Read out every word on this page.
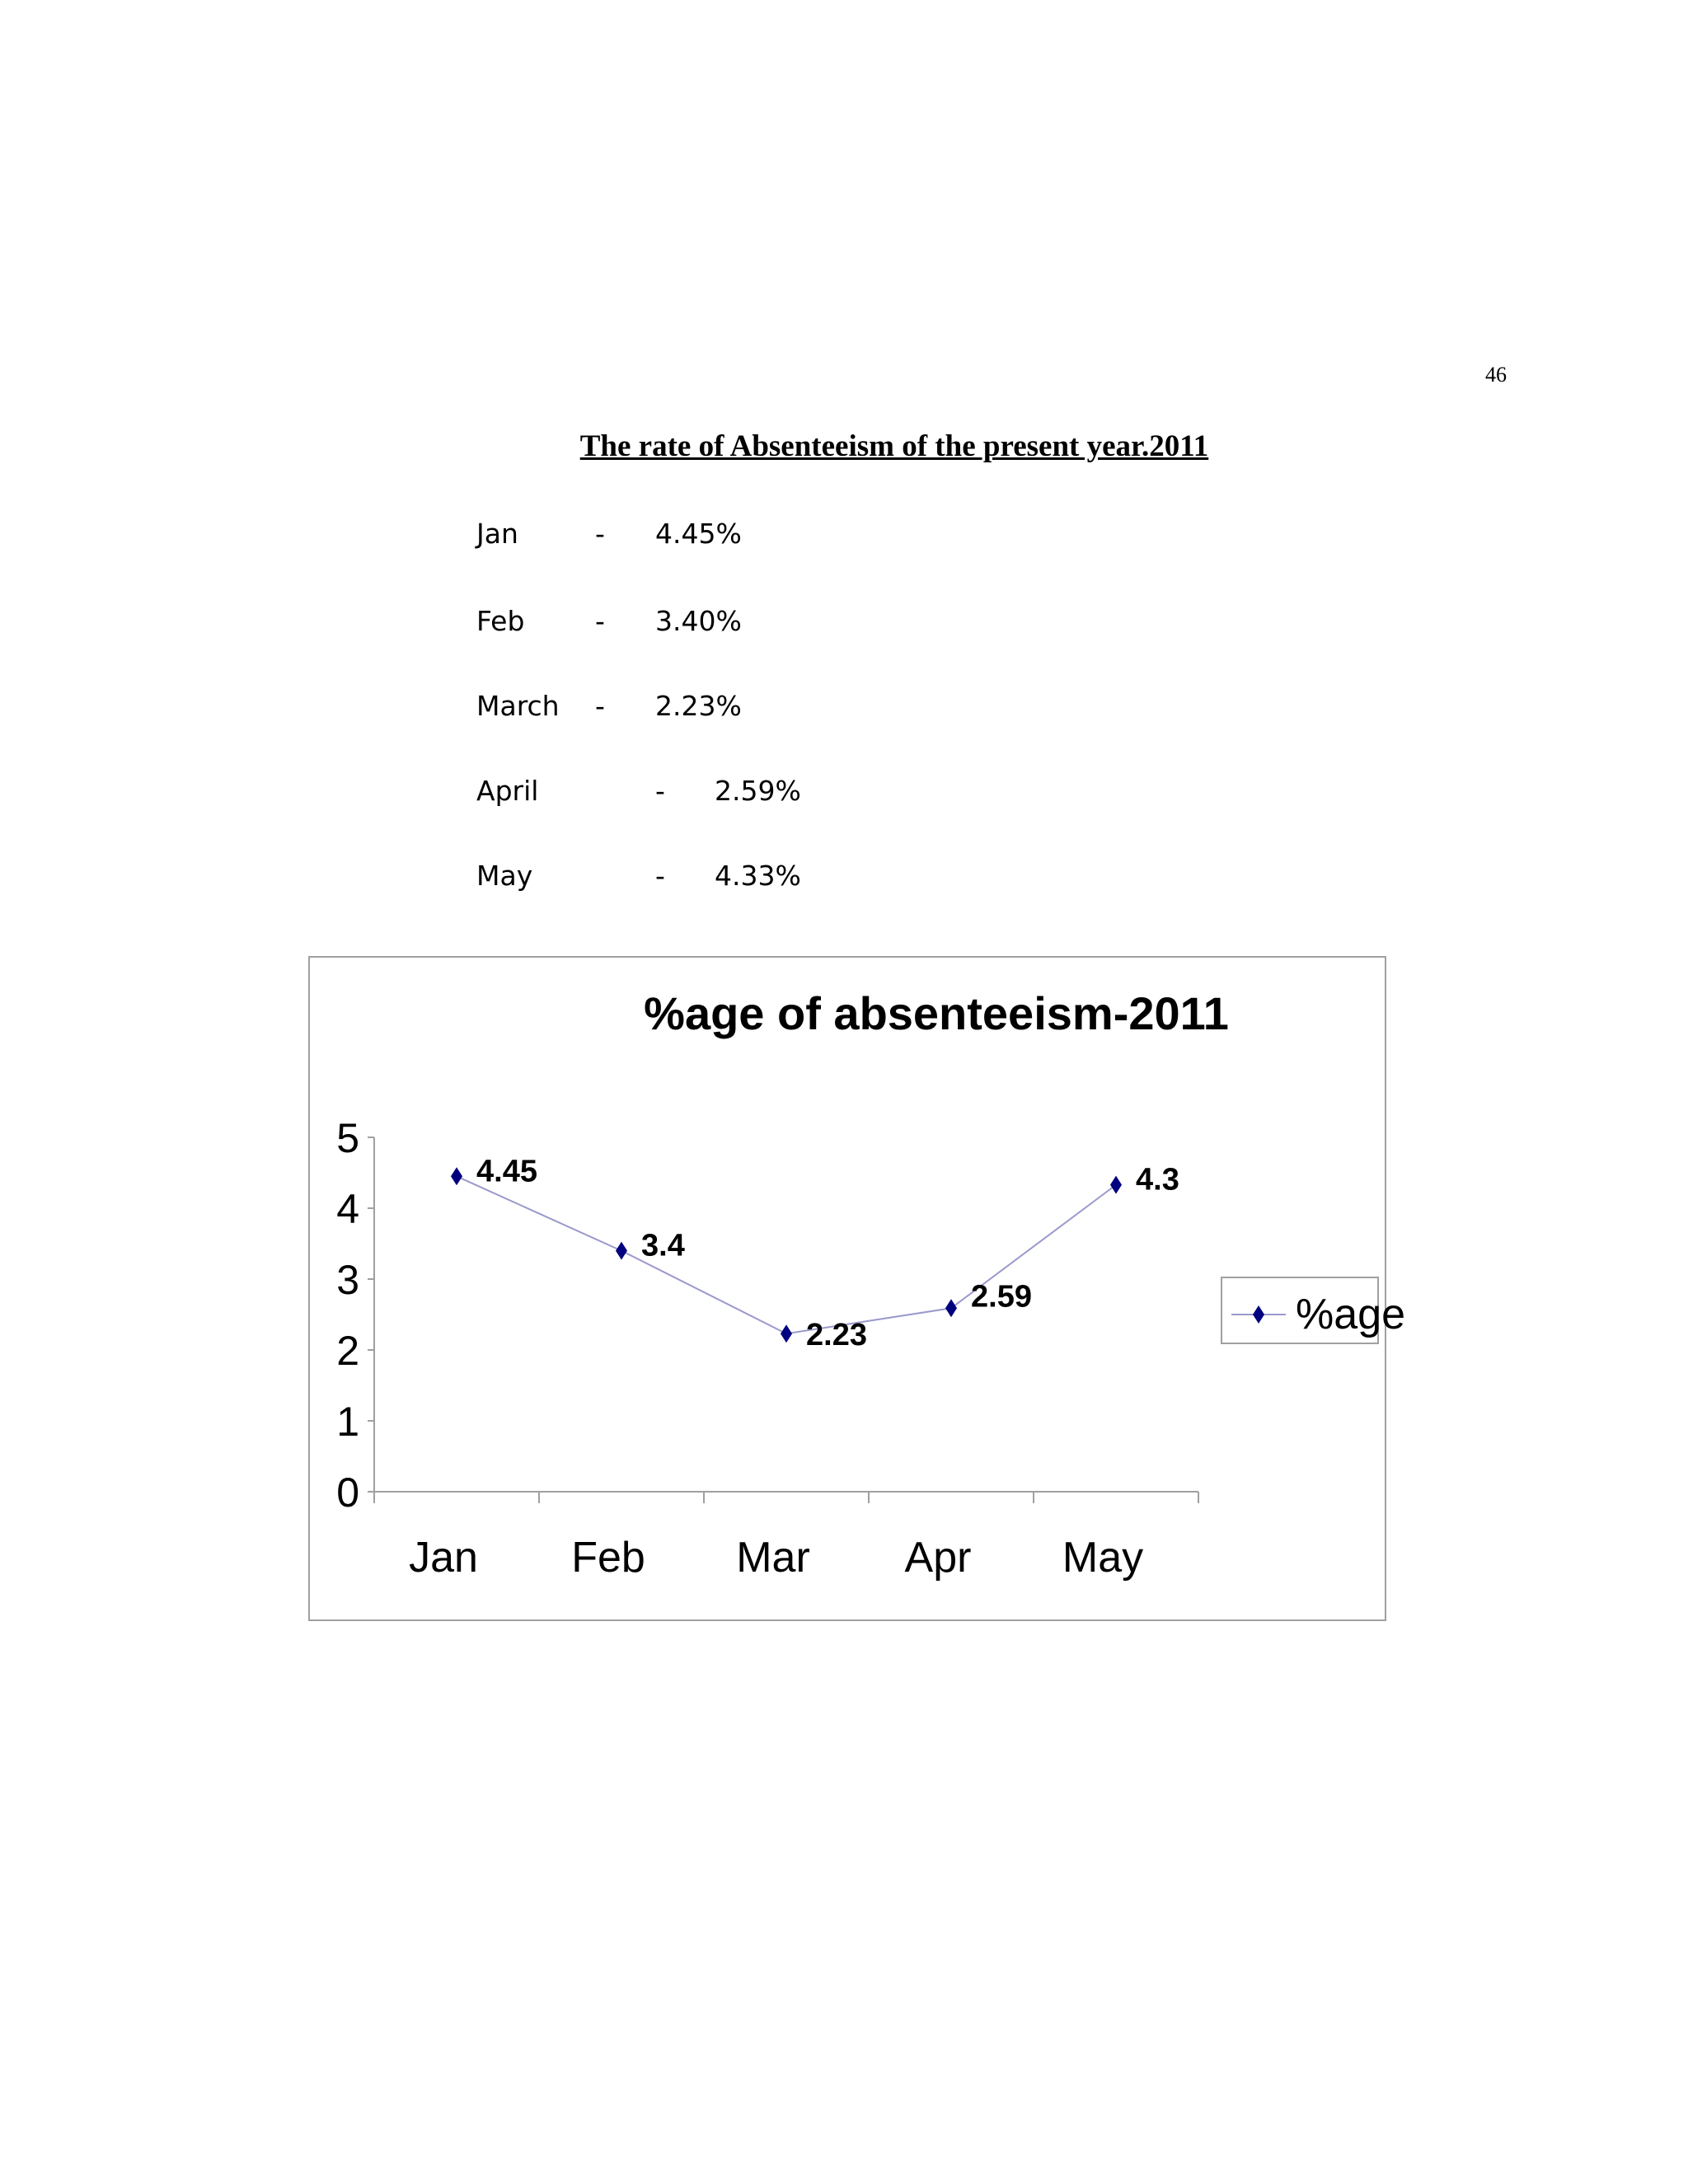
46
The rate of Absenteeism of the present year.2011
Jan	- 4.45%
Feb	- 3.40%
March - 2.23%
April	- 2.59%
May	- 4.33%
%age of absenteeism-2011
0
1
2
3
4
5
Jan Feb Mar Apr May
4.45
3.4
2.23
2.59
4.3
%age
